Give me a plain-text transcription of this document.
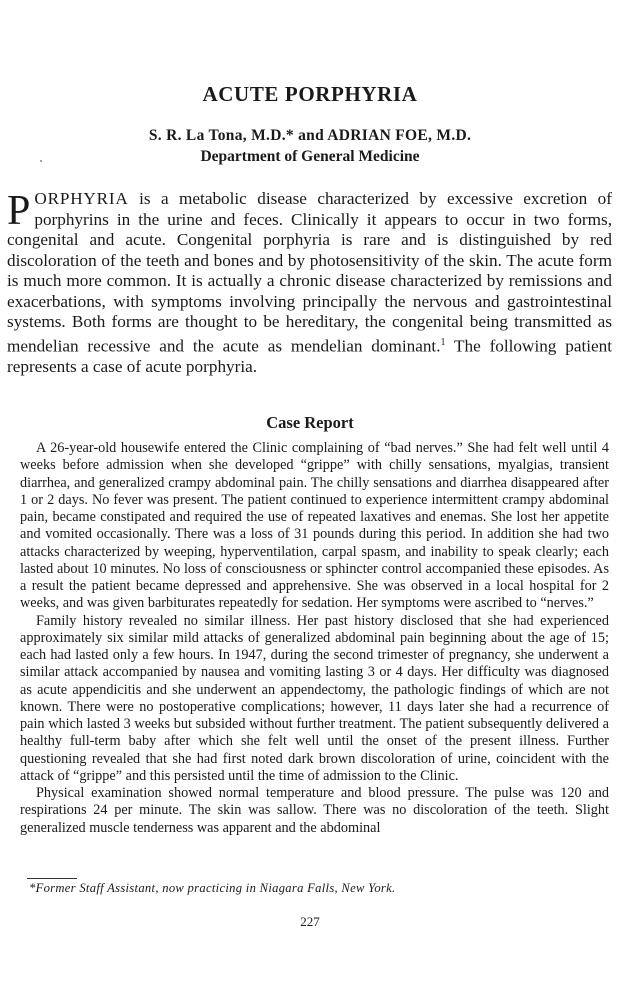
ACUTE PORPHYRIA
S. R. La Tona, M.D.* and ADRIAN FOE, M.D.
Department of General Medicine

PORPHYRIA is a metabolic disease characterized by excessive excretion of porphyrins in the urine and feces. Clinically it appears to occur in two forms, congenital and acute. Congenital porphyria is rare and is distinguished by red discoloration of the teeth and bones and by photosensitivity of the skin. The acute form is much more common. It is actually a chronic disease characterized by remissions and exacerbations, with symptoms involving principally the nervous and gastrointestinal systems. Both forms are thought to be hereditary, the congenital being transmitted as mendelian recessive and the acute as mendelian dominant.$^1$ The following patient represents a case of acute porphyria.

Case Report

A 26-year-old housewife entered the Clinic complaining of “bad nerves.” She had felt well until 4 weeks before admission when she developed “grippe” with chilly sensations, myalgias, transient diarrhea, and generalized crampy abdominal pain. The chilly sensations and diarrhea disappeared after 1 or 2 days. No fever was present. The patient continued to experience intermittent crampy abdominal pain, became constipated and required the use of repeated laxatives and enemas. She lost her appetite and vomited occasionally. There was a loss of 31 pounds during this period. In addition she had two attacks characterized by weeping, hyperventilation, carpal spasm, and inability to speak clearly; each lasted about 10 minutes. No loss of consciousness or sphincter control accompanied these episodes. As a result the patient became depressed and apprehensive. She was observed in a local hospital for 2 weeks, and was given barbiturates repeatedly for sedation. Her symptoms were ascribed to “nerves.”

Family history revealed no similar illness. Her past history disclosed that she had experienced approximately six similar mild attacks of generalized abdominal pain beginning about the age of 15; each had lasted only a few hours. In 1947, during the second trimester of pregnancy, she underwent a similar attack accompanied by nausea and vomiting lasting 3 or 4 days. Her difficulty was diagnosed as acute appendicitis and she underwent an appendectomy, the pathologic findings of which are not known. There were no postoperative complications; however, 11 days later she had a recurrence of pain which lasted 3 weeks but subsided without further treatment. The patient subsequently delivered a healthy full-term baby after which she felt well until the onset of the present illness. Further questioning revealed that she had first noted dark brown discoloration of urine, coincident with the attack of “grippe” and this persisted until the time of admission to the Clinic.

Physical examination showed normal temperature and blood pressure. The pulse was 120 and respirations 24 per minute. The skin was sallow. There was no discoloration of the teeth. Slight generalized muscle tenderness was apparent and the abdominal

*Former Staff Assistant, now practicing in Niagara Falls, New York.
227
